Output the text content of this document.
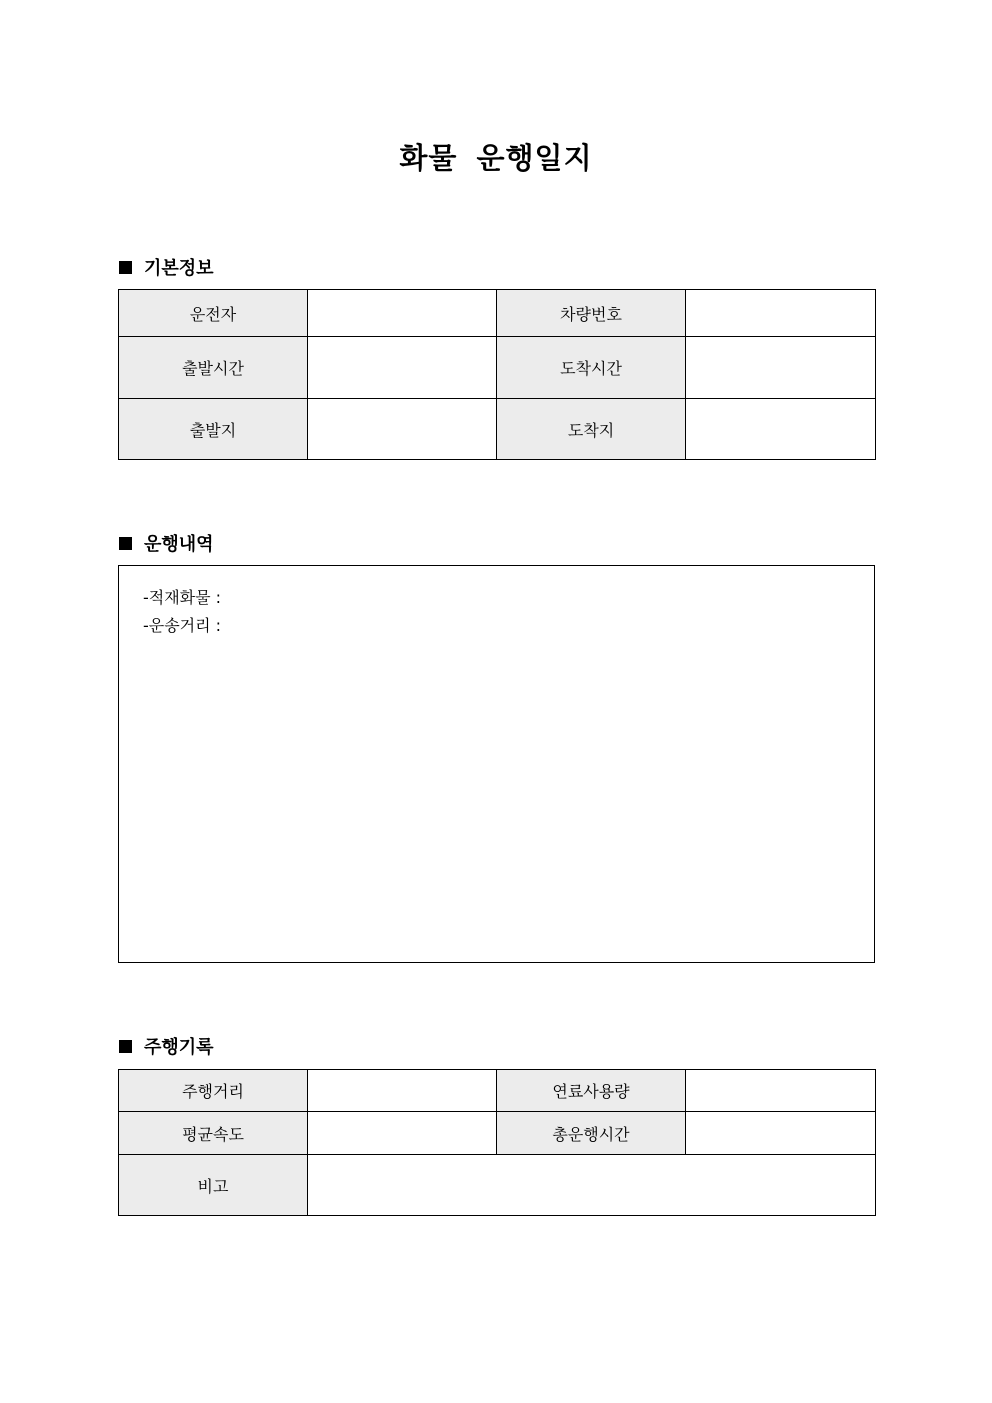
화물 운행일지
기본정보
운전자		차량번호	
출발시간		도착시간	
출발지		도착지	
운행내역
-적재화물 :
-운송거리 :
주행기록
주행거리		연료사용량	
평균속도		총운행시간	
비고			
